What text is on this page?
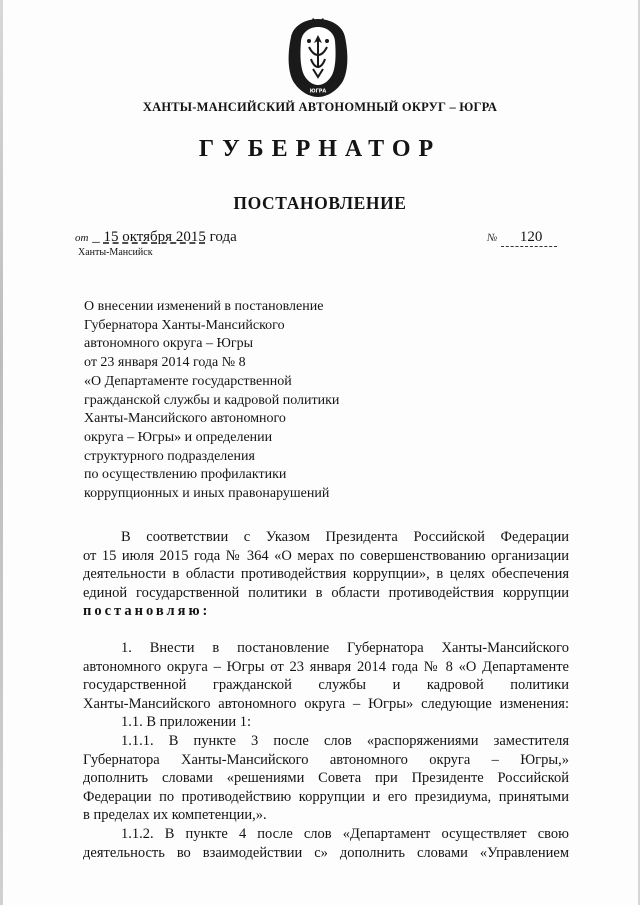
ЮГРА
ХАНТЫ-МАНСИЙСКИЙ АВТОНОМНЫЙ ОКРУГ – ЮГРА
ГУБЕРНАТОР
ПОСТАНОВЛЕНИЕ
от _ 15 октября 2015 года
Ханты-Мансийск
№ 120
О внесении изменений в постановление
Губернатора Ханты-Мансийского
автономного округа – Югры
от 23 января 2014 года № 8
«О Департаменте государственной
гражданской службы и кадровой политики
Ханты-Мансийского автономного
округа – Югры» и определении
структурного подразделения
по осуществлению профилактики
коррупционных и иных правонарушений
В соответствии с Указом Президента Российской Федерации
от 15 июля 2015 года № 364 «О мерах по совершенствованию организации
деятельности в области противодействия коррупции», в целях обеспечения
единой государственной политики в области противодействия коррупции
постановляю:
1. Внести в постановление Губернатора Ханты-Мансийского
автономного округа – Югры от 23 января 2014 года № 8 «О Департаменте
государственной гражданской службы и кадровой политики
Ханты-Мансийского автономного округа – Югры» следующие изменения:
1.1. В приложении 1:
1.1.1. В пункте 3 после слов «распоряжениями заместителя
Губернатора Ханты-Мансийского автономного округа – Югры,»
дополнить словами «решениями Совета при Президенте Российской
Федерации по противодействию коррупции и его президиума, принятыми
в пределах их компетенции,».
1.1.2. В пункте 4 после слов «Департамент осуществляет свою
деятельность во взаимодействии с» дополнить словами «Управлением
